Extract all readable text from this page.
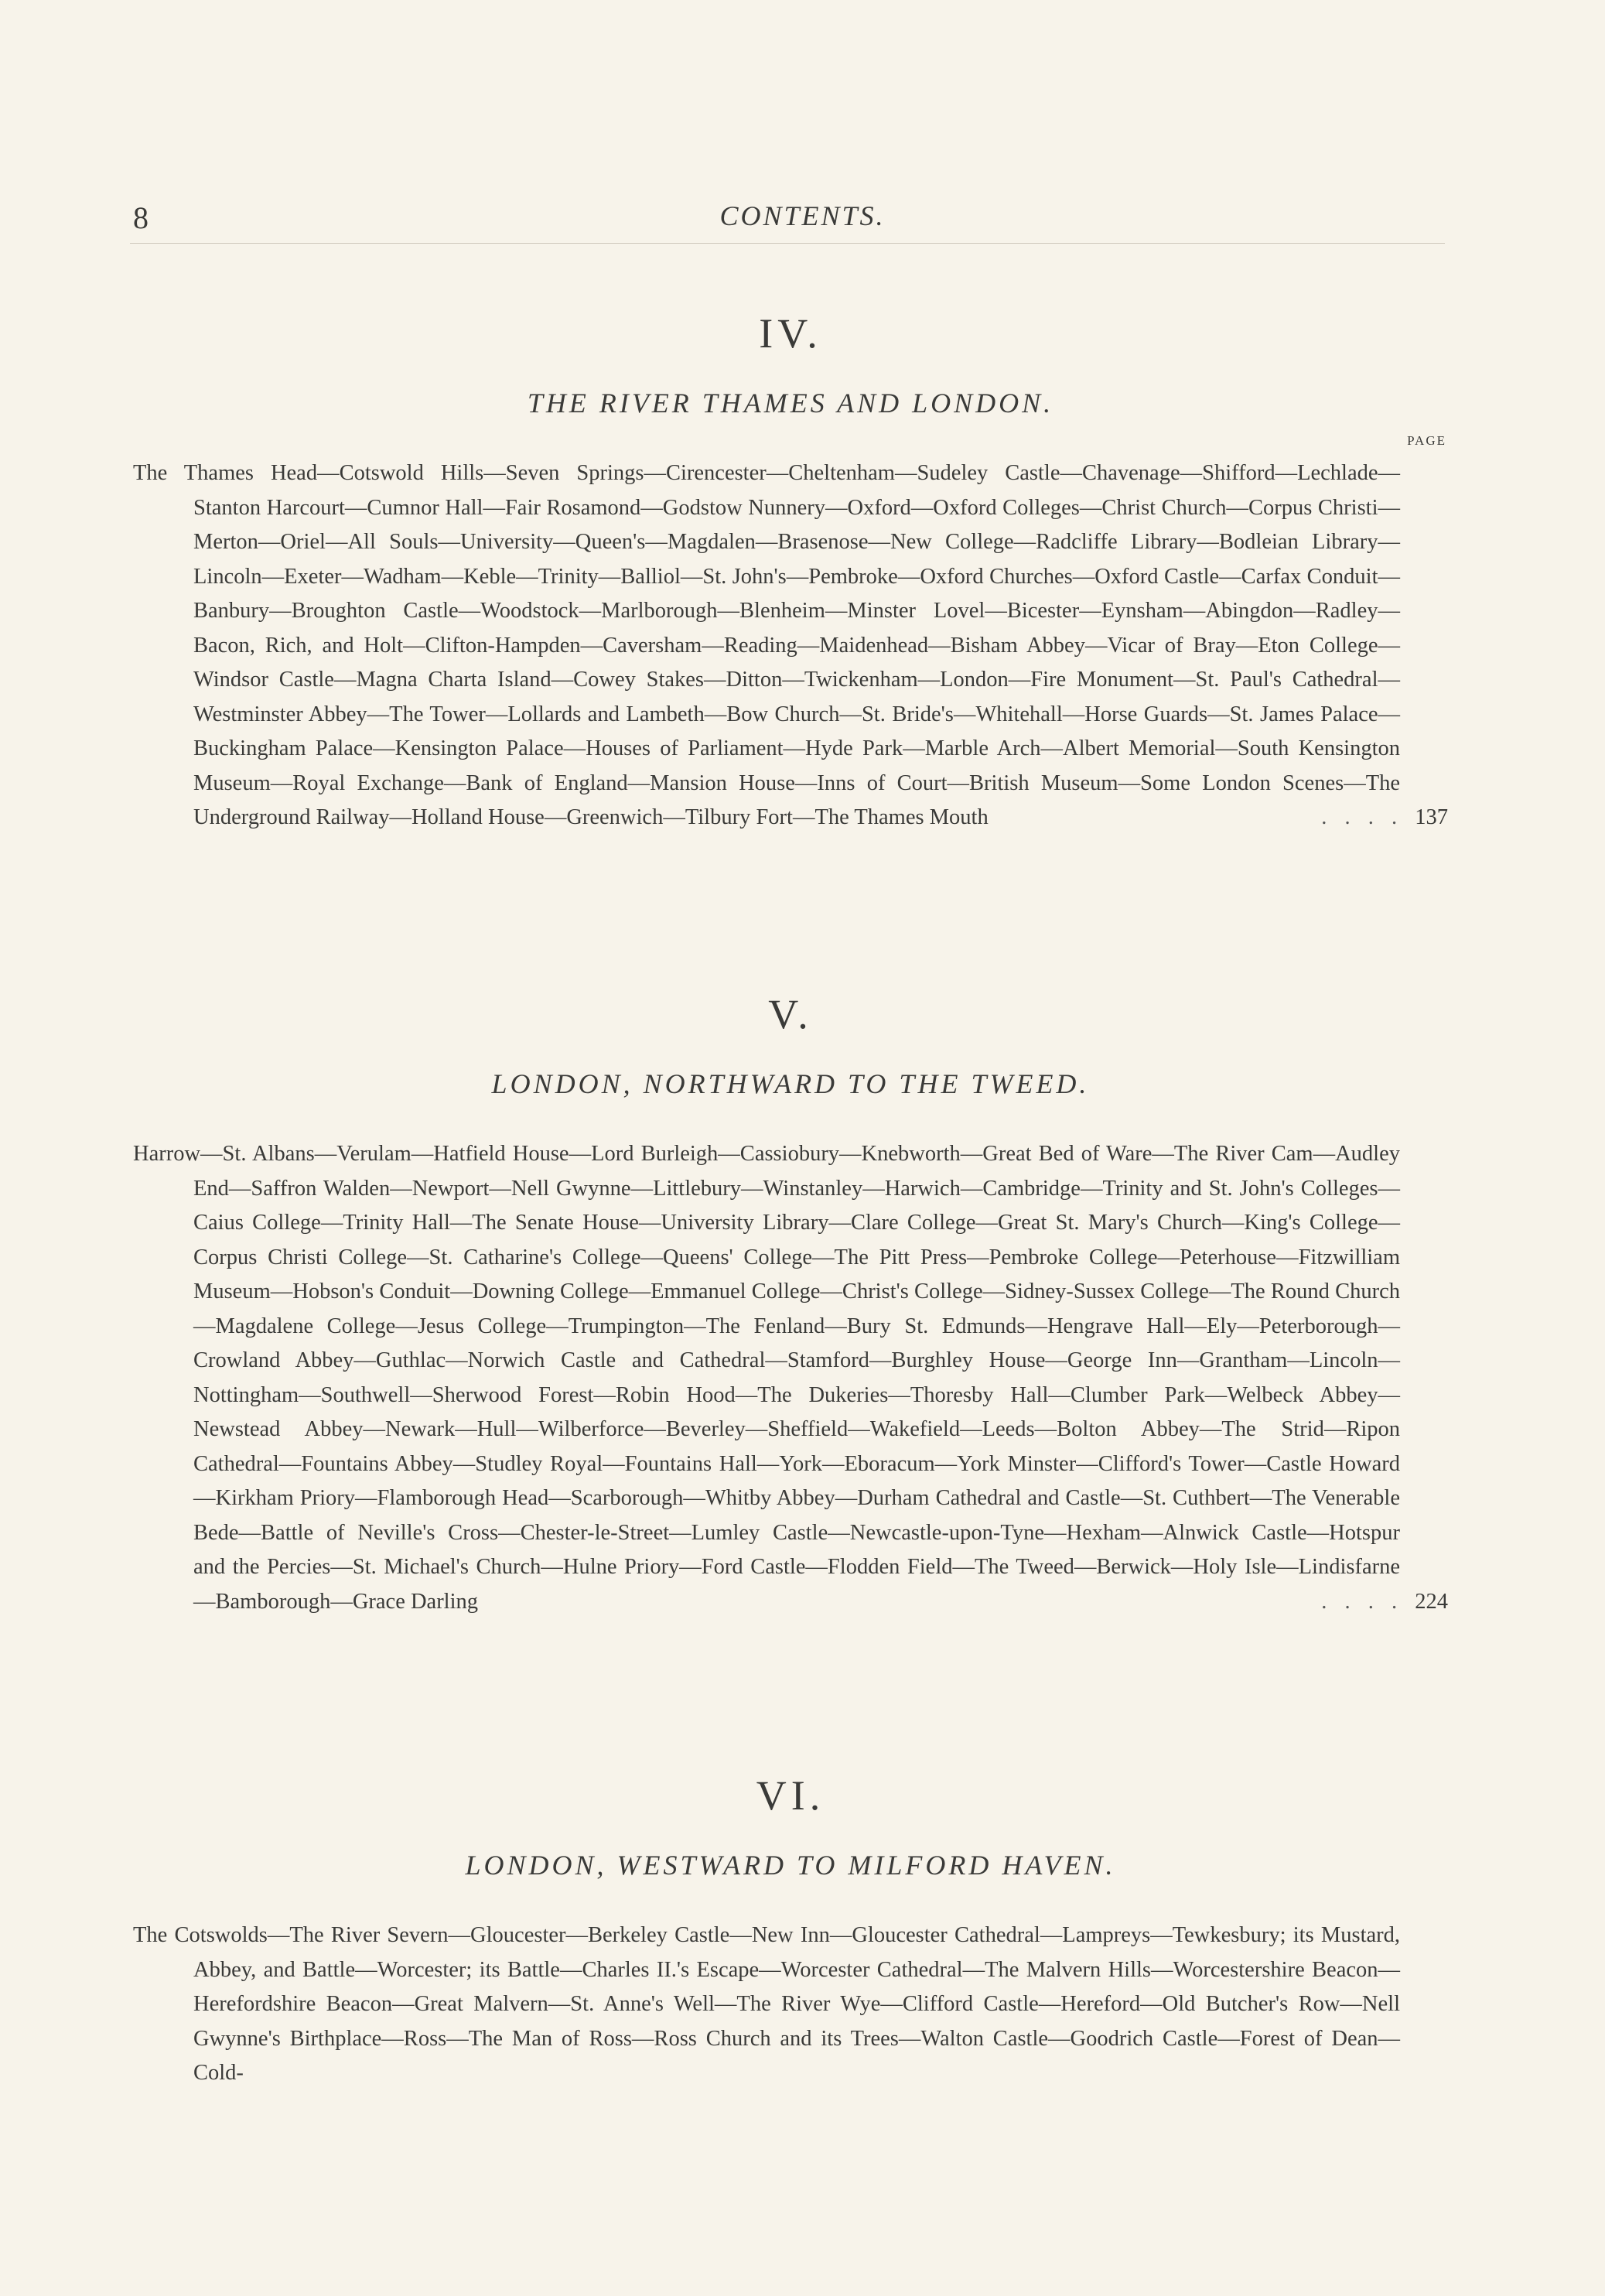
8	CONTENTS.
IV.
THE RIVER THAMES AND LONDON.
PAGE
The Thames Head—Cotswold Hills—Seven Springs—Cirencester—Cheltenham—Sudeley Castle—Chavenage—Shifford—Lechlade—Stanton Harcourt—Cumnor Hall—Fair Rosamond—Godstow Nunnery—Oxford—Oxford Colleges—Christ Church—Corpus Christi—Merton—Oriel—All Souls—University—Queen's—Magdalen—Brasenose—New College—Radcliffe Library—Bodleian Library—Lincoln—Exeter—Wadham—Keble—Trinity—Balliol—St. John's—Pembroke—Oxford Churches—Oxford Castle—Carfax Conduit—Banbury—Broughton Castle—Woodstock—Marlborough—Blenheim—Minster Lovel—Bicester—Eynsham—Abingdon—Radley—Bacon, Rich, and Holt—Clifton-Hampden—Caversham—Reading—Maidenhead—Bisham Abbey—Vicar of Bray—Eton College—Windsor Castle—Magna Charta Island—Cowey Stakes—Ditton—Twickenham—London—Fire Monument—St. Paul's Cathedral—Westminster Abbey—The Tower—Lollards and Lambeth—Bow Church—St. Bride's—Whitehall—Horse Guards—St. James Palace—Buckingham Palace—Kensington Palace—Houses of Parliament—Hyde Park—Marble Arch—Albert Memorial—South Kensington Museum—Royal Exchange—Bank of England—Mansion House—Inns of Court—British Museum—Some London Scenes—The Underground Railway—Holland House—Greenwich—Tilbury Fort—The Thames Mouth	. . . . 137
V.
LONDON, NORTHWARD TO THE TWEED.
Harrow—St. Albans—Verulam—Hatfield House—Lord Burleigh—Cassiobury—Knebworth—Great Bed of Ware—The River Cam—Audley End—Saffron Walden—Newport—Nell Gwynne—Littlebury—Winstanley—Harwich—Cambridge—Trinity and St. John's Colleges—Caius College—Trinity Hall—The Senate House—University Library—Clare College—Great St. Mary's Church—King's College—Corpus Christi College—St. Catharine's College—Queens' College—The Pitt Press—Pembroke College—Peterhouse—Fitzwilliam Museum—Hobson's Conduit—Downing College—Emmanuel College—Christ's College—Sidney-Sussex College—The Round Church—Magdalene College—Jesus College—Trumpington—The Fenland—Bury St. Edmunds—Hengrave Hall—Ely—Peterborough—Crowland Abbey—Guthlac—Norwich Castle and Cathedral—Stamford—Burghley House—George Inn—Grantham—Lincoln—Nottingham—Southwell—Sherwood Forest—Robin Hood—The Dukeries—Thoresby Hall—Clumber Park—Welbeck Abbey—Newstead Abbey—Newark—Hull—Wilberforce—Beverley—Sheffield—Wakefield—Leeds—Bolton Abbey—The Strid—Ripon Cathedral—Fountains Abbey—Studley Royal—Fountains Hall—York—Eboracum—York Minster—Clifford's Tower—Castle Howard—Kirkham Priory—Flamborough Head—Scarborough—Whitby Abbey—Durham Cathedral and Castle—St. Cuthbert—The Venerable Bede—Battle of Neville's Cross—Chester-le-Street—Lumley Castle—Newcastle-upon-Tyne—Hexham—Alnwick Castle—Hotspur and the Percies—St. Michael's Church—Hulne Priory—Ford Castle—Flodden Field—The Tweed—Berwick—Holy Isle—Lindisfarne—Bamborough—Grace Darling	. . . . 224
VI.
LONDON, WESTWARD TO MILFORD HAVEN.
The Cotswolds—The River Severn—Gloucester—Berkeley Castle—New Inn—Gloucester Cathedral—Lampreys—Tewkesbury; its Mustard, Abbey, and Battle—Worcester; its Battle—Charles II.'s Escape—Worcester Cathedral—The Malvern Hills—Worcestershire Beacon—Herefordshire Beacon—Great Malvern—St. Anne's Well—The River Wye—Clifford Castle—Hereford—Old Butcher's Row—Nell Gwynne's Birthplace—Ross—The Man of Ross—Ross Church and its Trees—Walton Castle—Goodrich Castle—Forest of Dean—Cold-
